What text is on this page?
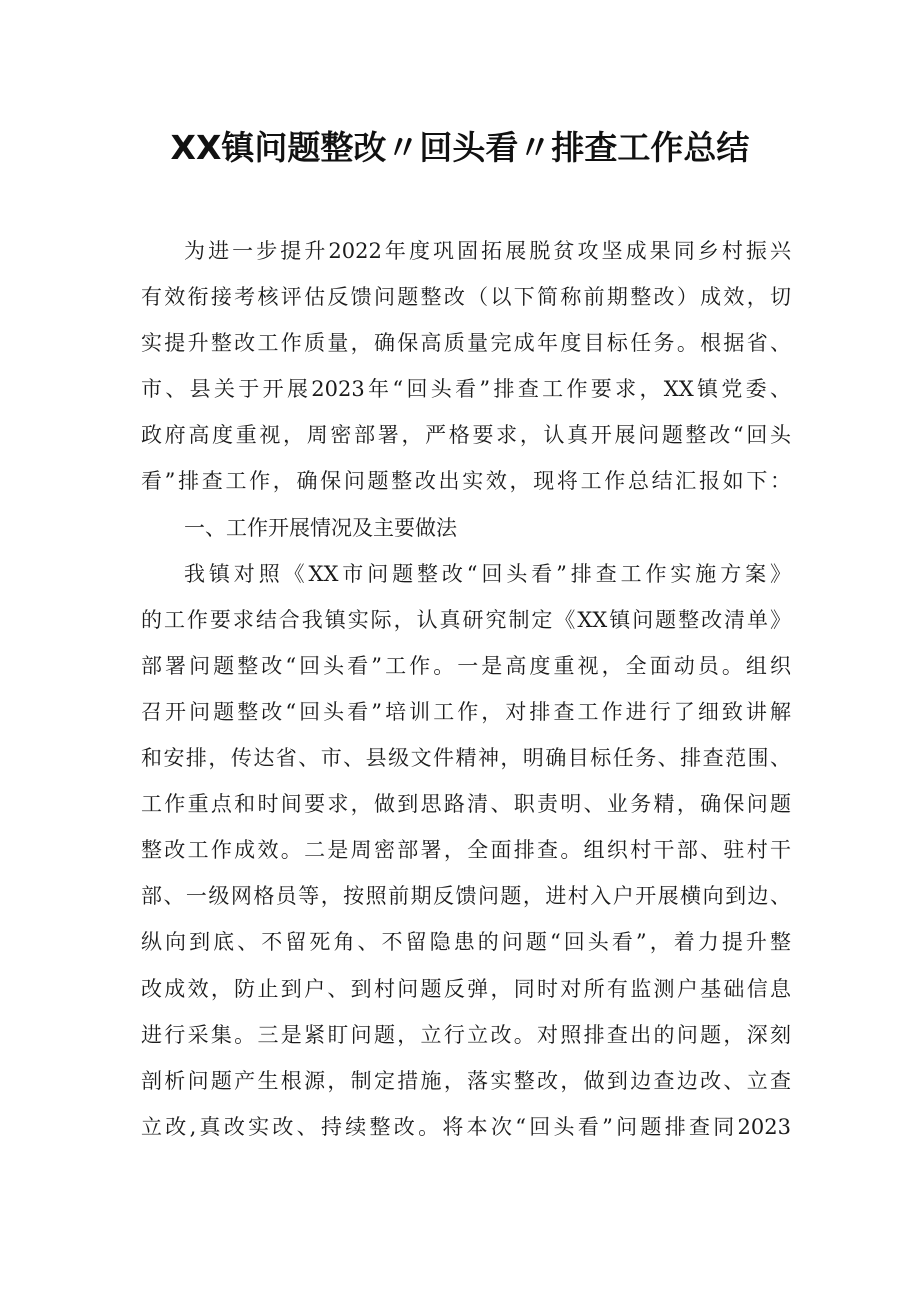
XX镇问题整改〃回头看〃排查工作总结
为进一步提升2022年度巩固拓展脱贫攻坚成果同乡村振兴
有效衔接考核评估反馈问题整改（以下简称前期整改）成效，切
实提升整改工作质量，确保高质量完成年度目标任务。根据省、
市、县关于开展2023年“回头看”排查工作要求，XX镇党委、
政府高度重视，周密部署，严格要求，认真开展问题整改“回头
看”排查工作，确保问题整改出实效，现将工作总结汇报如下：
一、工作开展情况及主要做法
我镇对照《XX市问题整改“回头看”排查工作实施方案》
的工作要求结合我镇实际，认真研究制定《XX镇问题整改清单》
部署问题整改“回头看”工作。一是高度重视，全面动员。组织
召开问题整改“回头看”培训工作，对排查工作进行了细致讲解
和安排，传达省、市、县级文件精神，明确目标任务、排查范围、
工作重点和时间要求，做到思路清、职责明、业务精，确保问题
整改工作成效。二是周密部署，全面排查。组织村干部、驻村干
部、一级网格员等，按照前期反馈问题，进村入户开展横向到边、
纵向到底、不留死角、不留隐患的问题“回头看”，着力提升整
改成效，防止到户、到村问题反弹，同时对所有监测户基础信息
进行采集。三是紧盯问题，立行立改。对照排查出的问题，深刻
剖析问题产生根源，制定措施，落实整改，做到边查边改、立查
立改,真改实改、持续整改。将本次“回头看”问题排查同2023
